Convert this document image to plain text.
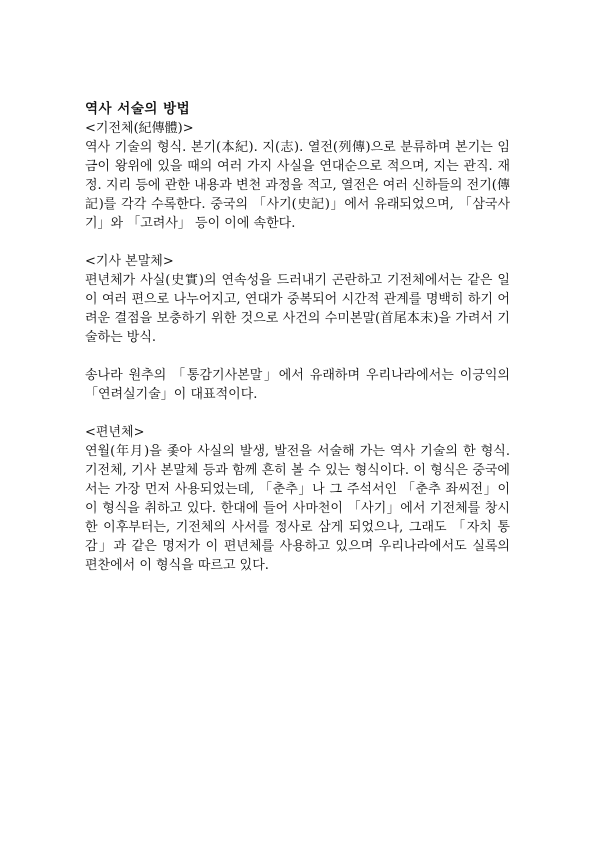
역사 서술의 방법

<기전체(紀傳體)>

역사 기술의 형식. 본기(本紀). 지(志). 열전(列傳)으로 분류하며 본기는 임금이 왕위에 있을 때의 여러 가지 사실을 연대순으로 적으며, 지는 관직. 재정. 지리 등에 관한 내용과 변천 과정을 적고, 열전은 여러 신하들의 전기(傳記)를 각각 수록한다. 중국의 「사기(史記)」에서 유래되었으며, 「삼국사기」와 「고려사」 등이 이에 속한다.

<기사 본말체>

편년체가 사실(史實)의 연속성을 드러내기 곤란하고 기전체에서는 같은 일이 여러 편으로 나누어지고, 연대가 중복되어 시간적 관계를 명백히 하기 어려운 결점을 보충하기 위한 것으로 사건의 수미본말(首尾本末)을 가려서 기술하는 방식.

송나라 원추의 「통감기사본말」에서 유래하며 우리나라에서는 이긍익의 「연려실기술」이 대표적이다.

<편년체>

연월(年月)을 좇아 사실의 발생, 발전을 서술해 가는 역사 기술의 한 형식. 기전체, 기사 본말체 등과 함께 흔히 볼 수 있는 형식이다. 이 형식은 중국에서는 가장 먼저 사용되었는데, 「춘추」나 그 주석서인 「춘추 좌씨전」이 이 형식을 취하고 있다. 한대에 들어 사마천이 「사기」에서 기전체를 창시한 이후부터는, 기전체의 사서를 정사로 삼게 되었으나, 그래도 「자치 통감」과 같은 명저가 이 편년체를 사용하고 있으며 우리나라에서도 실록의 편찬에서 이 형식을 따르고 있다.
